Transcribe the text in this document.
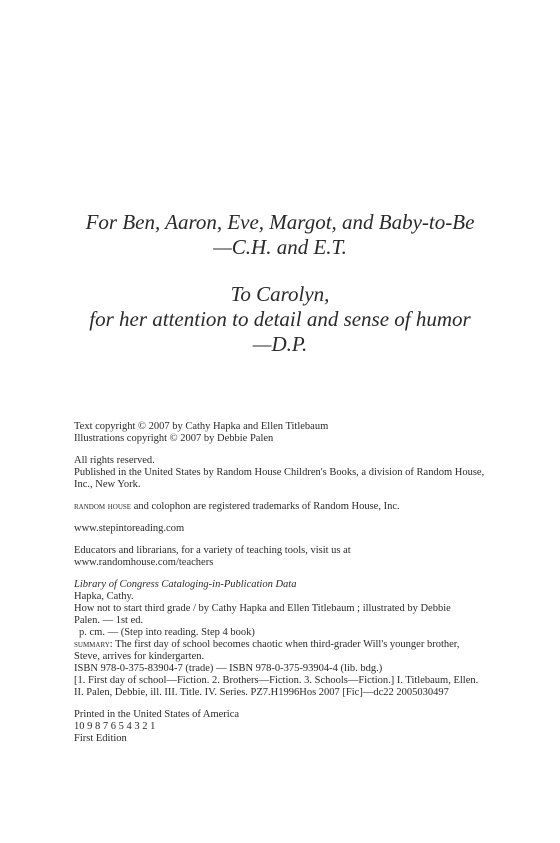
For Ben, Aaron, Eve, Margot, and Baby-to-Be
—C.H. and E.T.
To Carolyn,
for her attention to detail and sense of humor
—D.P.

Text copyright © 2007 by Cathy Hapka and Ellen Titlebaum
Illustrations copyright © 2007 by Debbie Palen

All rights reserved.
Published in the United States by Random House Children's Books, a division of Random House,
Inc., New York.

random house and colophon are registered trademarks of Random House, Inc.

www.stepintoreading.com

Educators and librarians, for a variety of teaching tools, visit us at
www.randomhouse.com/teachers

Library of Congress Cataloging-in-Publication Data
Hapka, Cathy.
How not to start third grade / by Cathy Hapka and Ellen Titlebaum ; illustrated by Debbie
Palen. — 1st ed.
p. cm. — (Step into reading. Step 4 book)
summary: The first day of school becomes chaotic when third-grader Will's younger brother,
Steve, arrives for kindergarten.
ISBN 978-0-375-83904-7 (trade) — ISBN 978-0-375-93904-4 (lib. bdg.)
[1. First day of school—Fiction. 2. Brothers—Fiction. 3. Schools—Fiction.] I. Titlebaum, Ellen.
II. Palen, Debbie, ill. III. Title. IV. Series. PZ7.H1996Hos 2007 [Fic]—dc22 2005030497

Printed in the United States of America
10 9 8 7 6 5 4 3 2 1
First Edition
